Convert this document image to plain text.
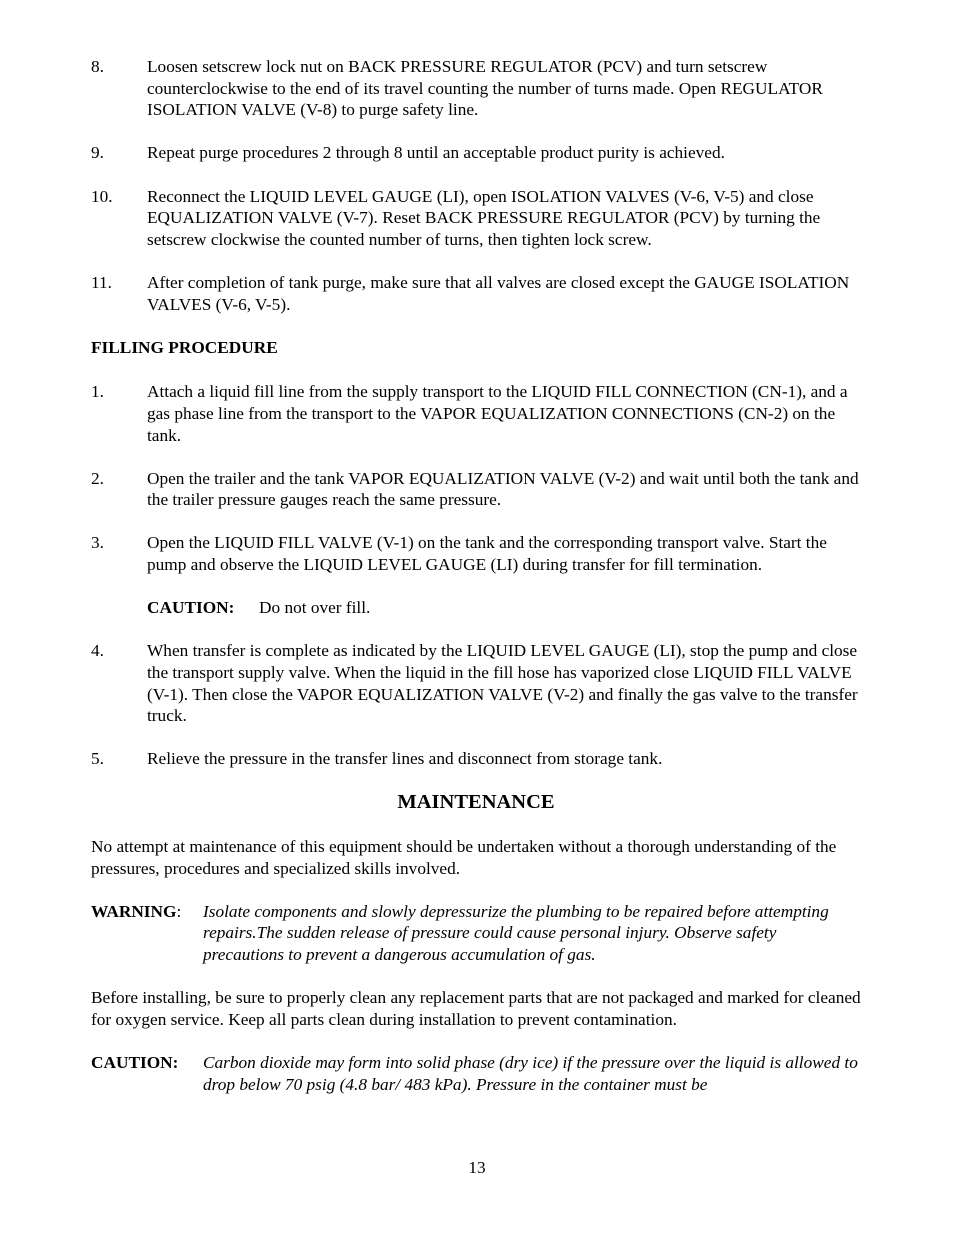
8.	Loosen setscrew lock nut on BACK PRESSURE REGULATOR (PCV) and turn setscrew counterclockwise to the end of its travel counting the number of turns made. Open REGULATOR ISOLATION VALVE (V-8) to purge safety line.
9.	Repeat purge procedures 2 through 8 until an acceptable product purity is achieved.
10.	Reconnect the LIQUID LEVEL GAUGE (LI), open ISOLATION VALVES (V-6, V-5) and close EQUALIZATION VALVE (V-7). Reset BACK PRESSURE REGULATOR (PCV) by turning the setscrew clockwise the counted number of turns, then tighten lock screw.
11.	After completion of tank purge, make sure that all valves are closed except the GAUGE ISOLATION VALVES (V-6, V-5).
FILLING PROCEDURE
1.	Attach a liquid fill line from the supply transport to the LIQUID FILL CONNECTION (CN-1), and a gas phase line from the transport to the VAPOR EQUALIZATION CONNECTIONS (CN-2) on the tank.
2.	Open the trailer and the tank VAPOR EQUALIZATION VALVE (V-2) and wait until both the tank and the trailer pressure gauges reach the same pressure.
3.	Open the LIQUID FILL VALVE (V-1) on the tank and the corresponding transport valve. Start the pump and observe the LIQUID LEVEL GAUGE (LI) during transfer for fill termination.
CAUTION: Do not over fill.
4.	When transfer is complete as indicated by the LIQUID LEVEL GAUGE (LI), stop the pump and close the transport supply valve. When the liquid in the fill hose has vaporized close LIQUID FILL VALVE (V-1). Then close the VAPOR EQUALIZATION VALVE (V-2) and finally the gas valve to the transfer truck.
5.	Relieve the pressure in the transfer lines and disconnect from storage tank.
MAINTENANCE
No attempt at maintenance of this equipment should be undertaken without a thorough understanding of the pressures, procedures and specialized skills involved.
WARNING:	Isolate components and slowly depressurize the plumbing to be repaired before attempting repairs.The sudden release of pressure could cause personal injury. Observe safety precautions to prevent a dangerous accumulation of gas.
Before installing, be sure to properly clean any replacement parts that are not packaged and marked for cleaned for oxygen service. Keep all parts clean during installation to prevent contamination.
CAUTION:	Carbon dioxide may form into solid phase (dry ice) if the pressure over the liquid is allowed to drop below 70 psig (4.8 bar/ 483 kPa). Pressure in the container must be
13
